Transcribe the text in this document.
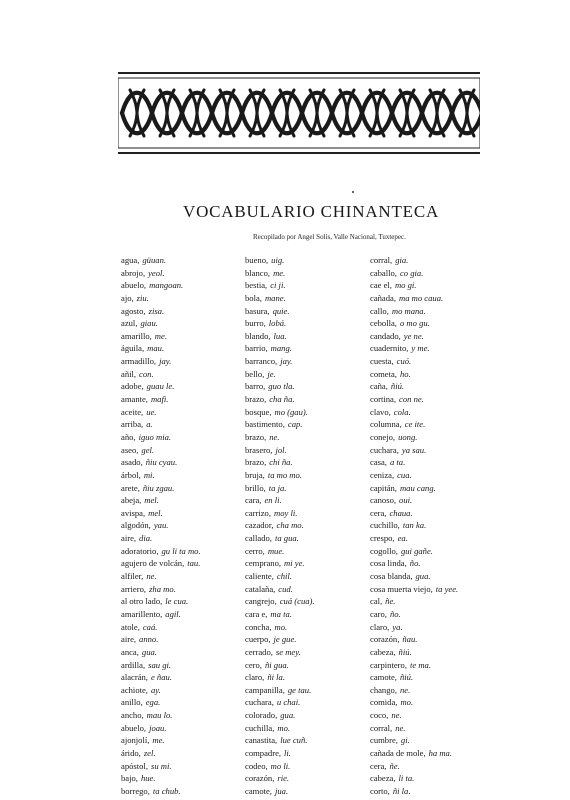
VOCABULARIO CHINANTECA
Recopilado por Angel Solís, Valle Nacional, Tuxtepec.
agua, güuan.
abrojo, yeol.
abuelo, mangoan.
ajo, ziu.
agosto, zisa.
azul, giau.
amarillo, me.
águila, mau.
armadillo, jay.
añil, con.
adobe, guau le.
amante, mafi.
aceite, ue.
arriba, a.
año, iguo mia.
aseo, gel.
asado, ñiu cyau.
árbol, mi.
arete, ñiu zgau.
abeja, mel.
avispa, mel.
algodón, yau.
aire, dia.
adoratorio, gu li ta mo.
agujero de volcán, tau.
alfiler, ne.
arriero, zha mo.
al otro lado, le cua.
amarillento, agil.
atole, caá.
aire, anno.
anca, gua.
ardilla, sau gi.
alacrán, e ñau.
achiote, ay.
anillo, ega.
ancho, mau lo.
abuelo, joau.
ajonjolí, me.
árido, zel.
apóstol, su mi.
bajo, hue.
borrego, ta chub.
bueno, uig.
blanco, me.
bestia, ci ji.
bola, mane.
basura, quie.
burro, lobá.
blando, lua.
barrio, mang.
barranco, jay.
bello, je.
barro, guo tla.
brazo, cha ña.
bosque, mo (gau).
bastimento, cap.
brazo, ne.
brasero, jol.
brazo, chi ña.
bruja, ta mo mo.
brillo, ta ja.
cara, en li.
carrizo, moy li.
cazador, cha mo.
callado, ta gua.
cerro, mue.
cemprano, mi ye.
caliente, chil.
catalaña, cud.
cangrejo, cuá (cua).
cara e, ma ta.
concha, mo.
cuerpo, je gue.
cerrado, se mey.
cero, ñi gua.
claro, ñi la.
campanilla, ge tau.
cuchara, u chai.
colorado, gua.
cuchilla, mo.
canastita, lue cuñ.
compadre, li.
codeo, mo li.
corazón, rie.
camote, jua.
corral, gia.
caballo, co gia.
cae el, mo gi.
cañada, ma mo caua.
callo, mo mana.
cebolla, o mo gu.
candado, ye ne.
cuadernito, y me.
cuesta, cuó.
cometa, ho.
caña, ñiú.
cortina, con ne.
clavo, cola.
columna, ce ite.
conejo, uong.
cuchara, ya sau.
casa, a ta.
ceniza, cua.
capitán, mau cang.
canoso, oui.
cera, chaua.
cuchillo, tan ka.
crespo, ea.
cogollo, gui gañe.
cosa linda, ño.
cosa blanda, gua.
cosa muerta viejo, ta yee.
cal, ñe.
caro, ño.
claro, ya.
corazón, ñau.
cabeza, ñiú.
carpintero, te ma.
camote, ñiú.
chango, ne.
comida, mo.
coco, ne.
corral, ne.
cumbre, gi.
cañada de mole, ha ma.
cera, ñe.
cabeza, li ta.
corto, ñi la.
